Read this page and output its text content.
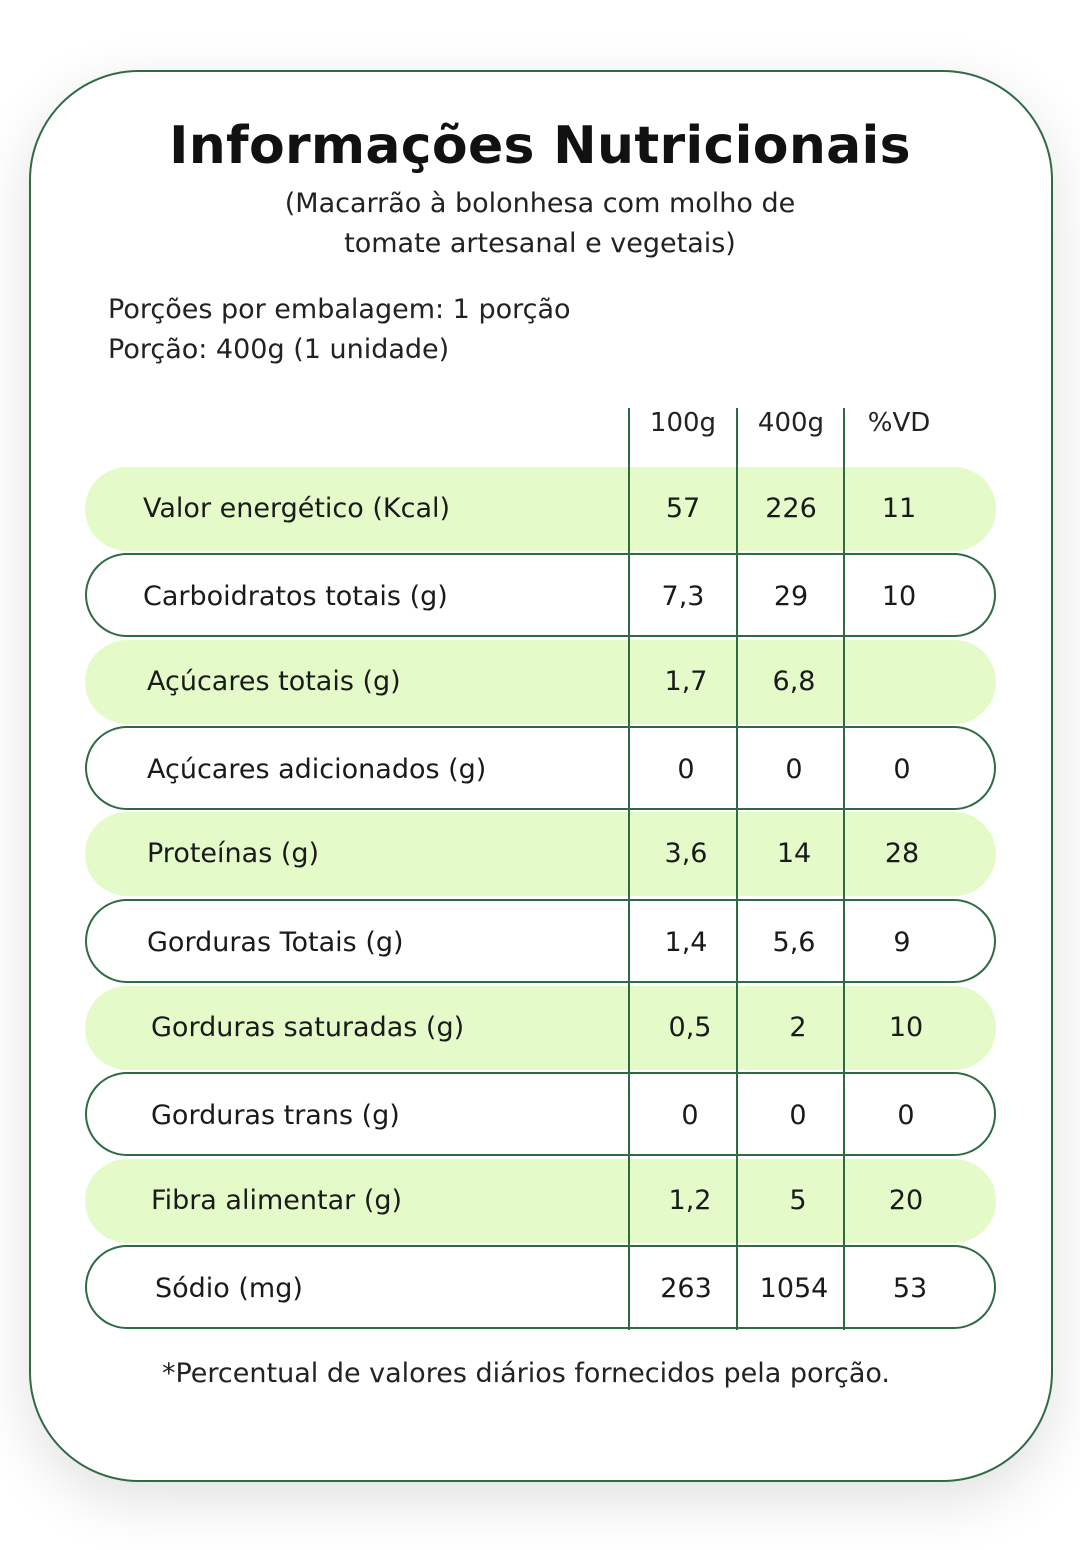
Informações Nutricionais
(Macarrão à bolonhesa com molho de
tomate artesanal e vegetais)
Porções por embalagem: 1 porção
Porção: 400g (1 unidade)
100g	400g	%VD
Valor energético (Kcal)	57	226	11
Carboidratos totais (g)	7,3	29	10
Açúcares totais (g)	1,7	6,8
Açúcares adicionados (g)	0	0	0
Proteínas (g)	3,6	14	28
Gorduras Totais (g)	1,4	5,6	9
Gorduras saturadas (g)	0,5	2	10
Gorduras trans (g)	0	0	0
Fibra alimentar (g)	1,2	5	20
Sódio (mg)	263	1054	53
*Percentual de valores diários fornecidos pela porção.
